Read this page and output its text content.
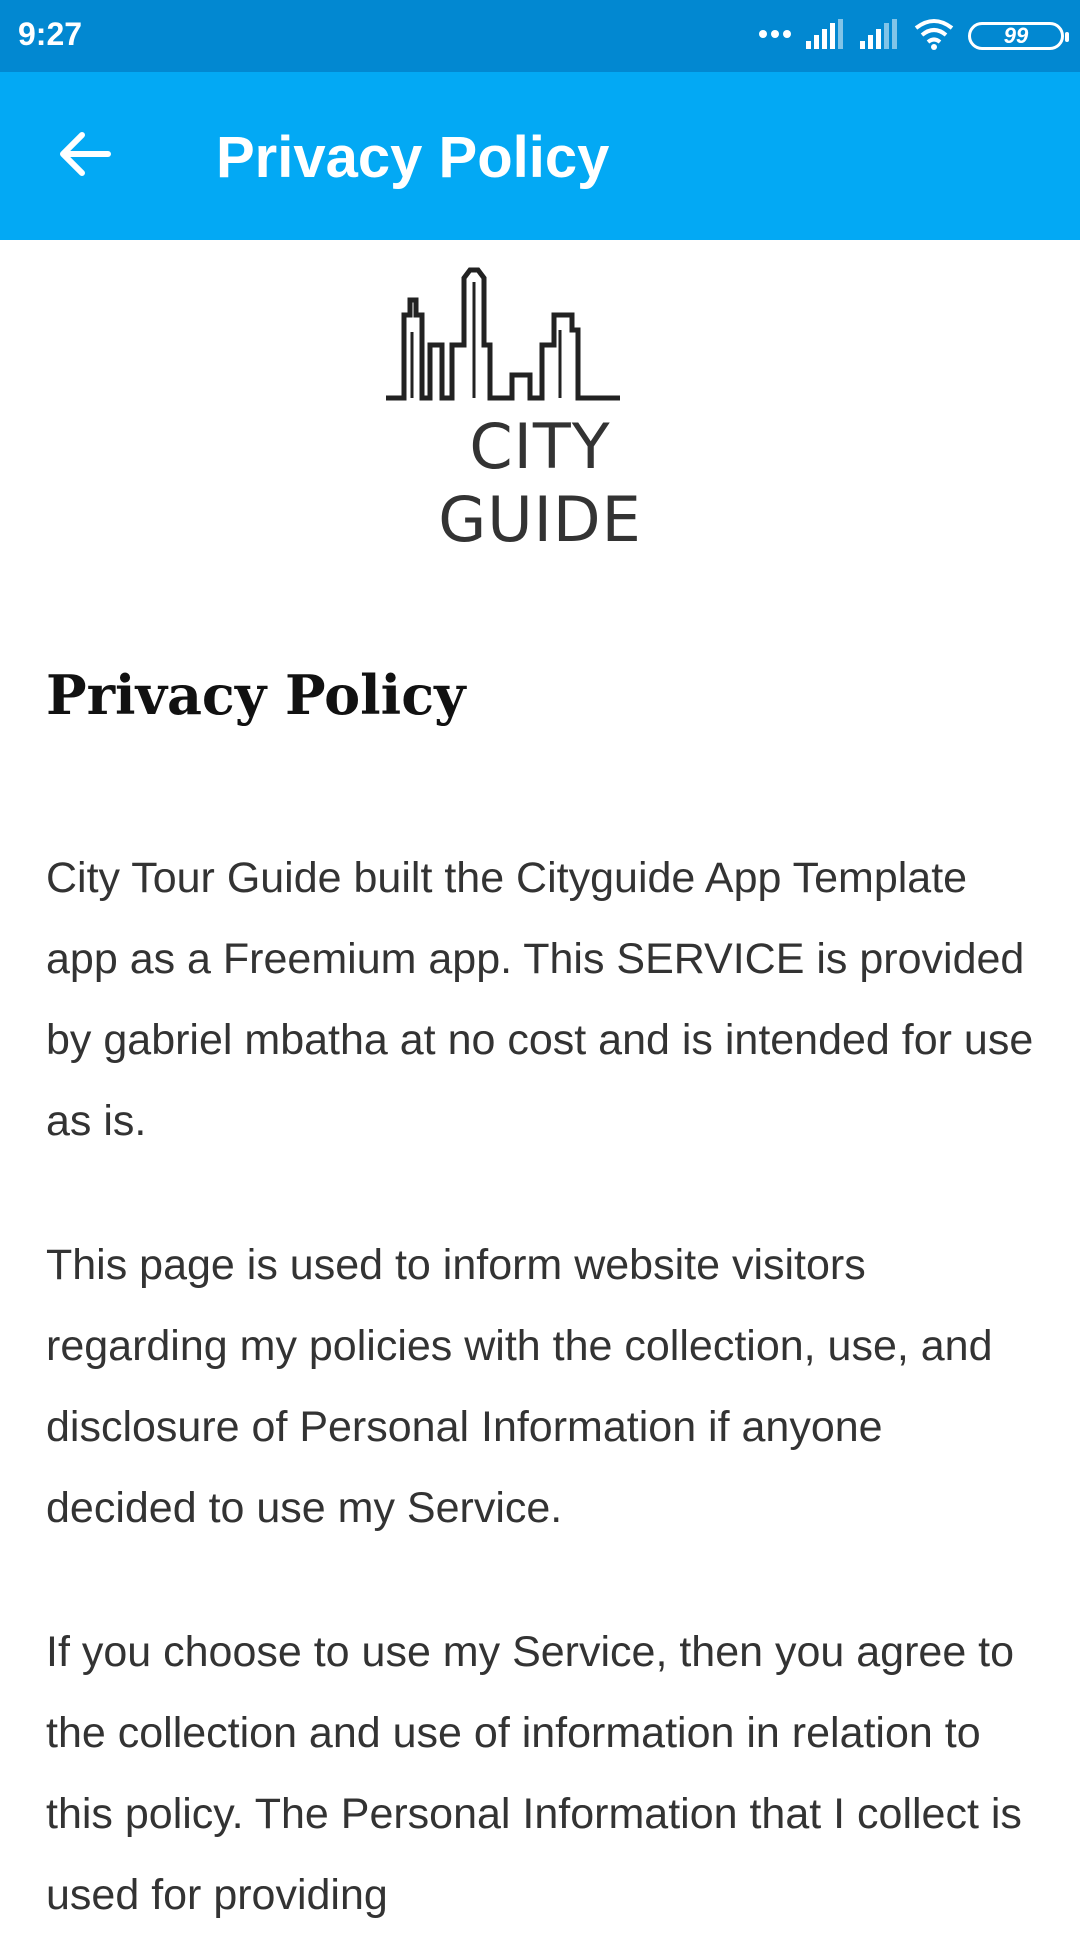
9:27	99
Privacy Policy
CITY GUIDE
Privacy Policy

City Tour Guide built the Cityguide App Template app as a Freemium app. This SERVICE is provided by gabriel mbatha at no cost and is intended for use as is.

This page is used to inform website visitors regarding my policies with the collection, use, and disclosure of Personal Information if anyone decided to use my Service.

If you choose to use my Service, then you agree to the collection and use of information in relation to this policy. The Personal Information that I collect is used for providing
